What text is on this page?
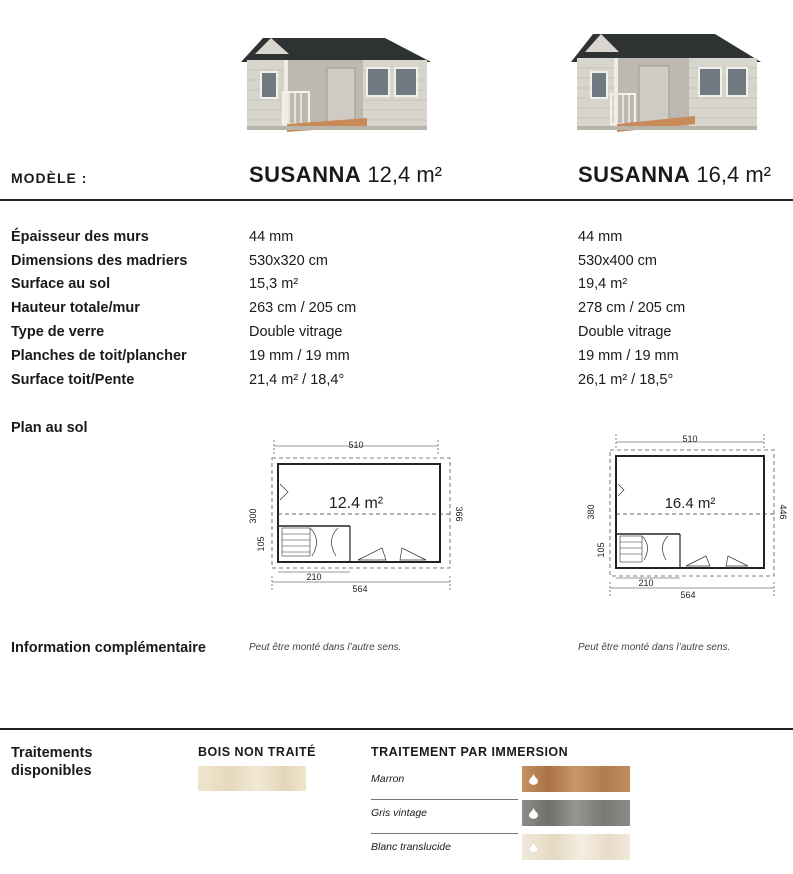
MODÈLE :	SUSANNA 12,4 m²	SUSANNA 16,4 m²
Épaisseur des murs	44 mm	44 mm
Dimensions des madriers	530x320 cm	530x400 cm
Surface au sol	15,3 m²	19,4 m²
Hauteur totale/mur	263 cm / 205 cm	278 cm / 205 cm
Type de verre	Double vitrage	Double vitrage
Planches de toit/plancher	19 mm / 19 mm	19 mm / 19 mm
Surface toit/Pente	21,4 m² / 18,4°	26,1 m² / 18,5°
Plan au sol
510
12.4 m²
300
105
366
210
564
510
16.4 m²
380
105
446
210
564
Information complémentaire	Peut être monté dans l’autre sens.	Peut être monté dans l’autre sens.
Traitements
disponibles
BOIS NON TRAITÉ	TRAITEMENT PAR IMMERSION
Marron
Gris vintage
Blanc translucide
